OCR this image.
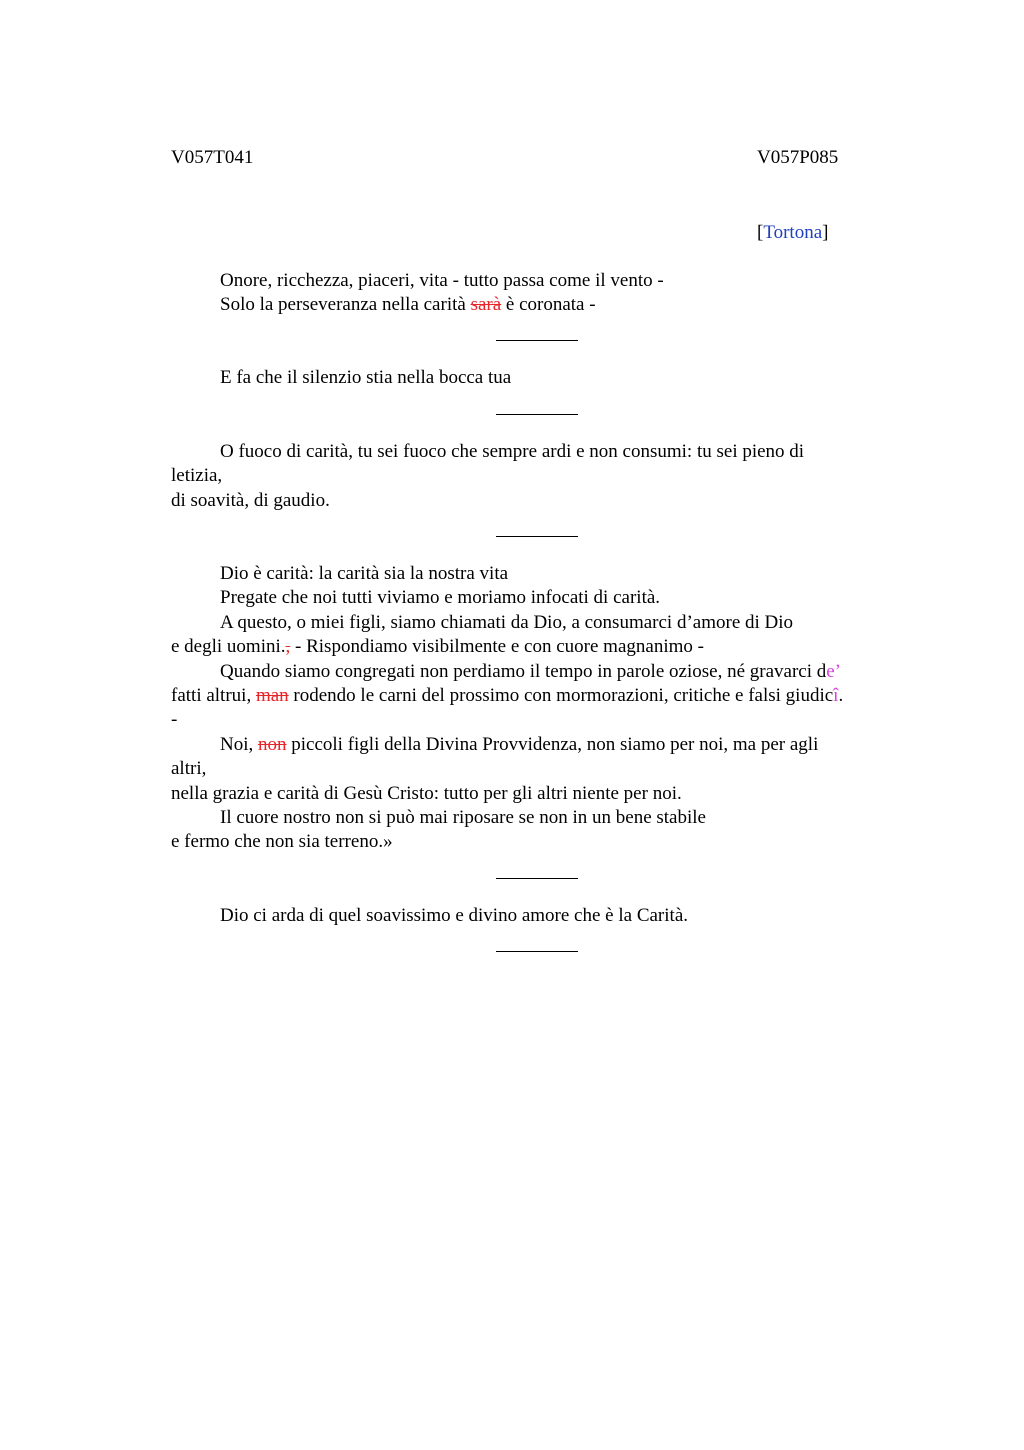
V057T041	V057P085
[Tortona]
Onore, ricchezza, piaceri, vita - tutto passa come il vento -
Solo la perseveranza nella carità sarà è coronata -
E fa che il silenzio stia nella bocca tua
O fuoco di carità, tu sei fuoco che sempre ardi e non consumi: tu sei pieno di
letizia,
di soavità, di gaudio.
Dio è carità: la carità sia la nostra vita
Pregate che noi tutti viviamo e moriamo infocati di carità.
A questo, o miei figli, siamo chiamati da Dio, a consumarci d’amore di Dio
e degli uomini., - Rispondiamo visibilmente e con cuore magnanimo -
Quando siamo congregati non perdiamo il tempo in parole oziose, né gravarci de’
fatti altrui, man rodendo le carni del prossimo con mormorazioni, critiche e falsi giudicî.
-
Noi, non piccoli figli della Divina Provvidenza, non siamo per noi, ma per agli
altri,
nella grazia e carità di Gesù Cristo: tutto per gli altri niente per noi.
Il cuore nostro non si può mai riposare se non in un bene stabile
e fermo che non sia terreno.»
Dio ci arda di quel soavissimo e divino amore che è la Carità.
